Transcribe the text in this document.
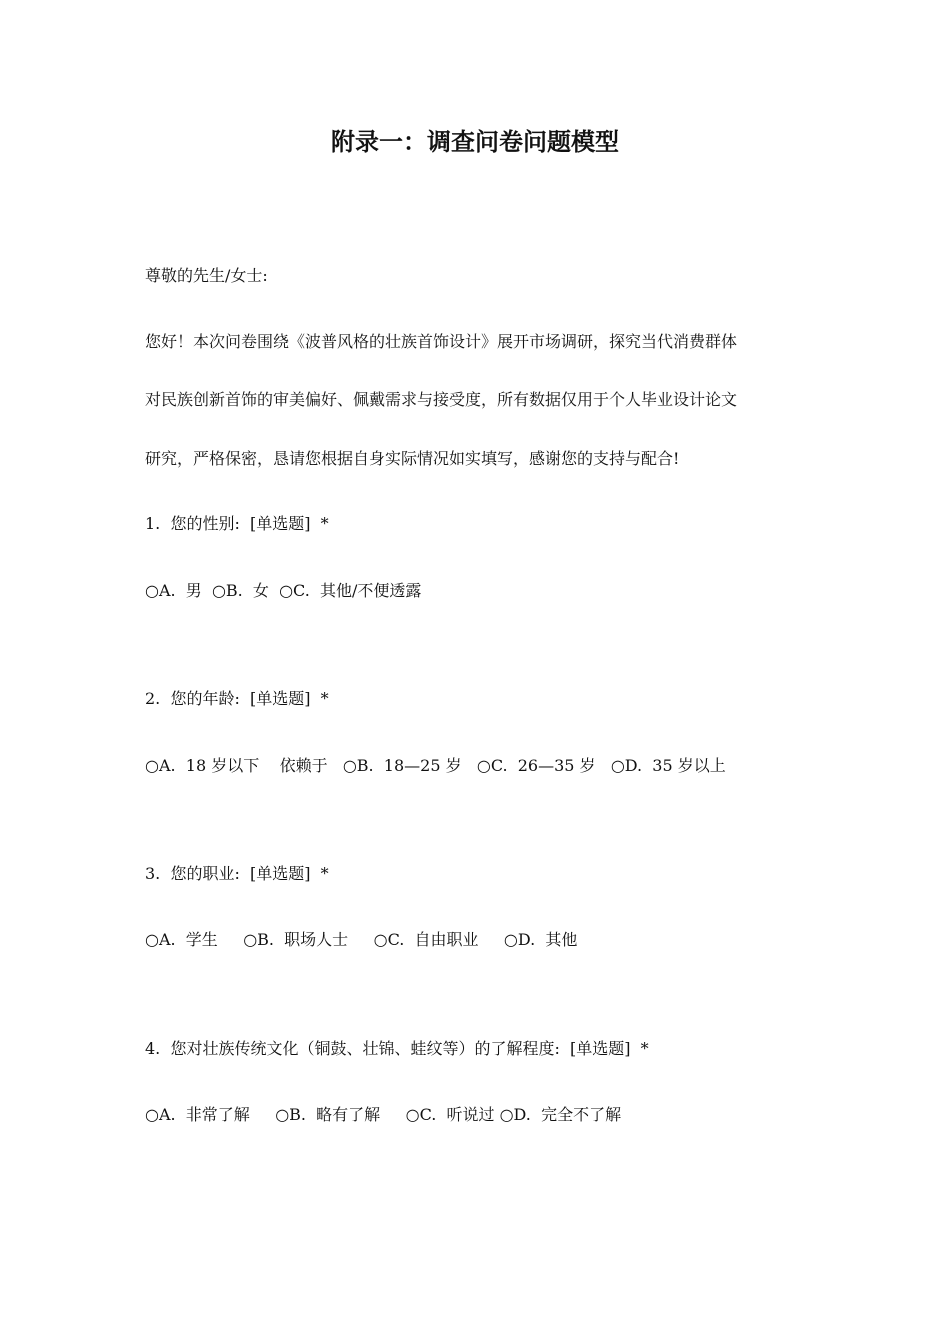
附录一：调查问卷问题模型
尊敬的先生/女士:
您好！本次问卷围绕《波普风格的壮族首饰设计》展开市场调研，探究当代消费群体
对民族创新首饰的审美偏好、佩戴需求与接受度，所有数据仅用于个人毕业设计论文
研究，严格保密，恳请您根据自身实际情况如实填写，感谢您的支持与配合!
1.  您的性别:  [单选题]  *
○A.  男  ○B.  女  ○C.  其他/不便透露
2.  您的年龄:  [单选题]  *
○A.  18 岁以下    依赖于   ○B.  18—25 岁   ○C.  26—35 岁   ○D.  35 岁以上
3.  您的职业:  [单选题]  *
○A.  学生     ○B.  职场人士     ○C.  自由职业     ○D.  其他
4.  您对壮族传统文化（铜鼓、壮锦、蛙纹等）的了解程度:  [单选题]  *
○A.  非常了解     ○B.  略有了解     ○C.  听说过 ○D.  完全不了解
